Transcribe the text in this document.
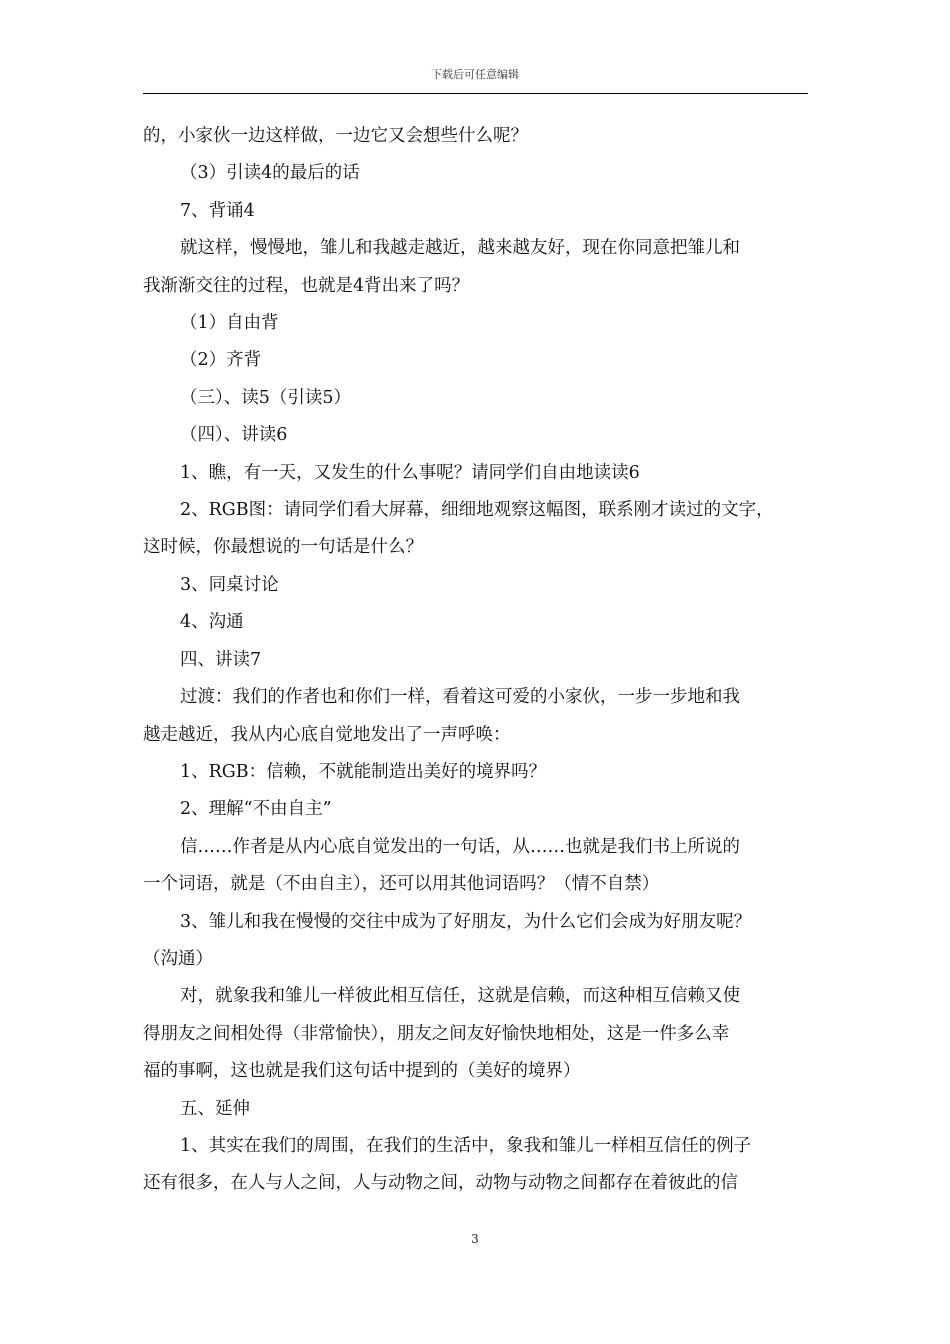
下载后可任意编辑

的，小家伙一边这样做，一边它又会想些什么呢？

（3）引读4的最后的话

7、背诵4

就这样，慢慢地，雏儿和我越走越近，越来越友好，现在你同意把雏儿和

我渐渐交往的过程，也就是4背出来了吗？

（1）自由背

（2）齐背

（三）、读5（引读5）

（四）、讲读6

1、瞧，有一天，又发生的什么事呢？请同学们自由地读读6

2、RGB图：请同学们看大屏幕，细细地观察这幅图，联系刚才读过的文字，

这时候，你最想说的一句话是什么？

3、同桌讨论

4、沟通

四、讲读7

过渡：我们的作者也和你们一样，看着这可爱的小家伙，一步一步地和我

越走越近，我从内心底自觉地发出了一声呼唤：

1、RGB：信赖，不就能制造出美好的境界吗？

2、理解“不由自主”

信……作者是从内心底自觉发出的一句话，从……也就是我们书上所说的

一个词语，就是（不由自主），还可以用其他词语吗？（情不自禁）

3、雏儿和我在慢慢的交往中成为了好朋友，为什么它们会成为好朋友呢？

（沟通）

对，就象我和雏儿一样彼此相互信任，这就是信赖，而这种相互信赖又使

得朋友之间相处得（非常愉快），朋友之间友好愉快地相处，这是一件多么幸

福的事啊，这也就是我们这句话中提到的（美好的境界）

五、延伸

1、其实在我们的周围，在我们的生活中，象我和雏儿一样相互信任的例子

还有很多，在人与人之间，人与动物之间，动物与动物之间都存在着彼此的信

3
